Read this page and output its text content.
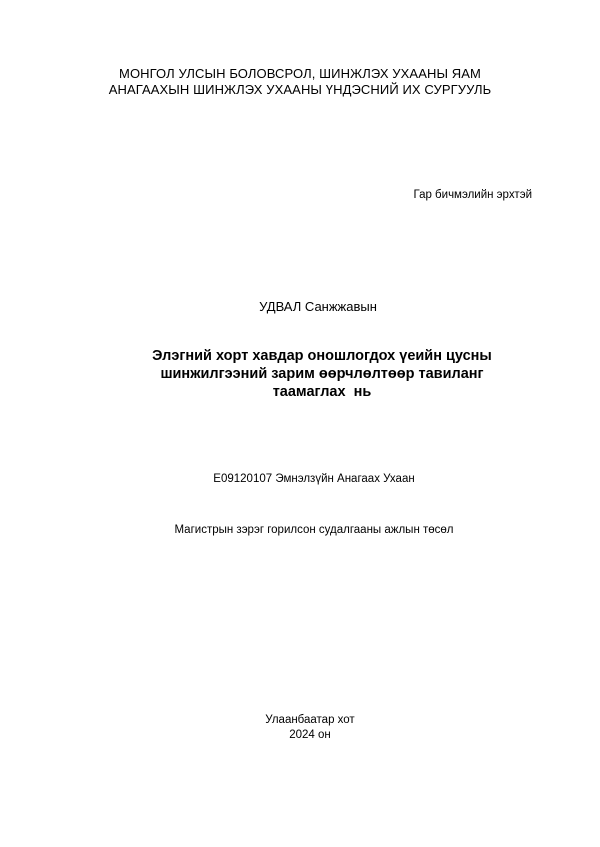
МОНГОЛ УЛСЫН БОЛОВСРОЛ, ШИНЖЛЭХ УХААНЫ ЯАМ
АНАГААХЫН ШИНЖЛЭХ УХААНЫ ҮНДЭСНИЙ ИХ СУРГУУЛЬ
Гар бичмэлийн эрхтэй
УДВАЛ Санжжавын
Элэгний хорт хавдар оношлогдох үеийн цусны
шинжилгээний зарим өөрчлөлтөөр тавиланг
таамаглах  нь
E09120107 Эмнэлзүйн Анагаах Ухаан
Магистрын зэрэг горилсон судалгааны ажлын төсөл
Улаанбаатар хот
2024 он
